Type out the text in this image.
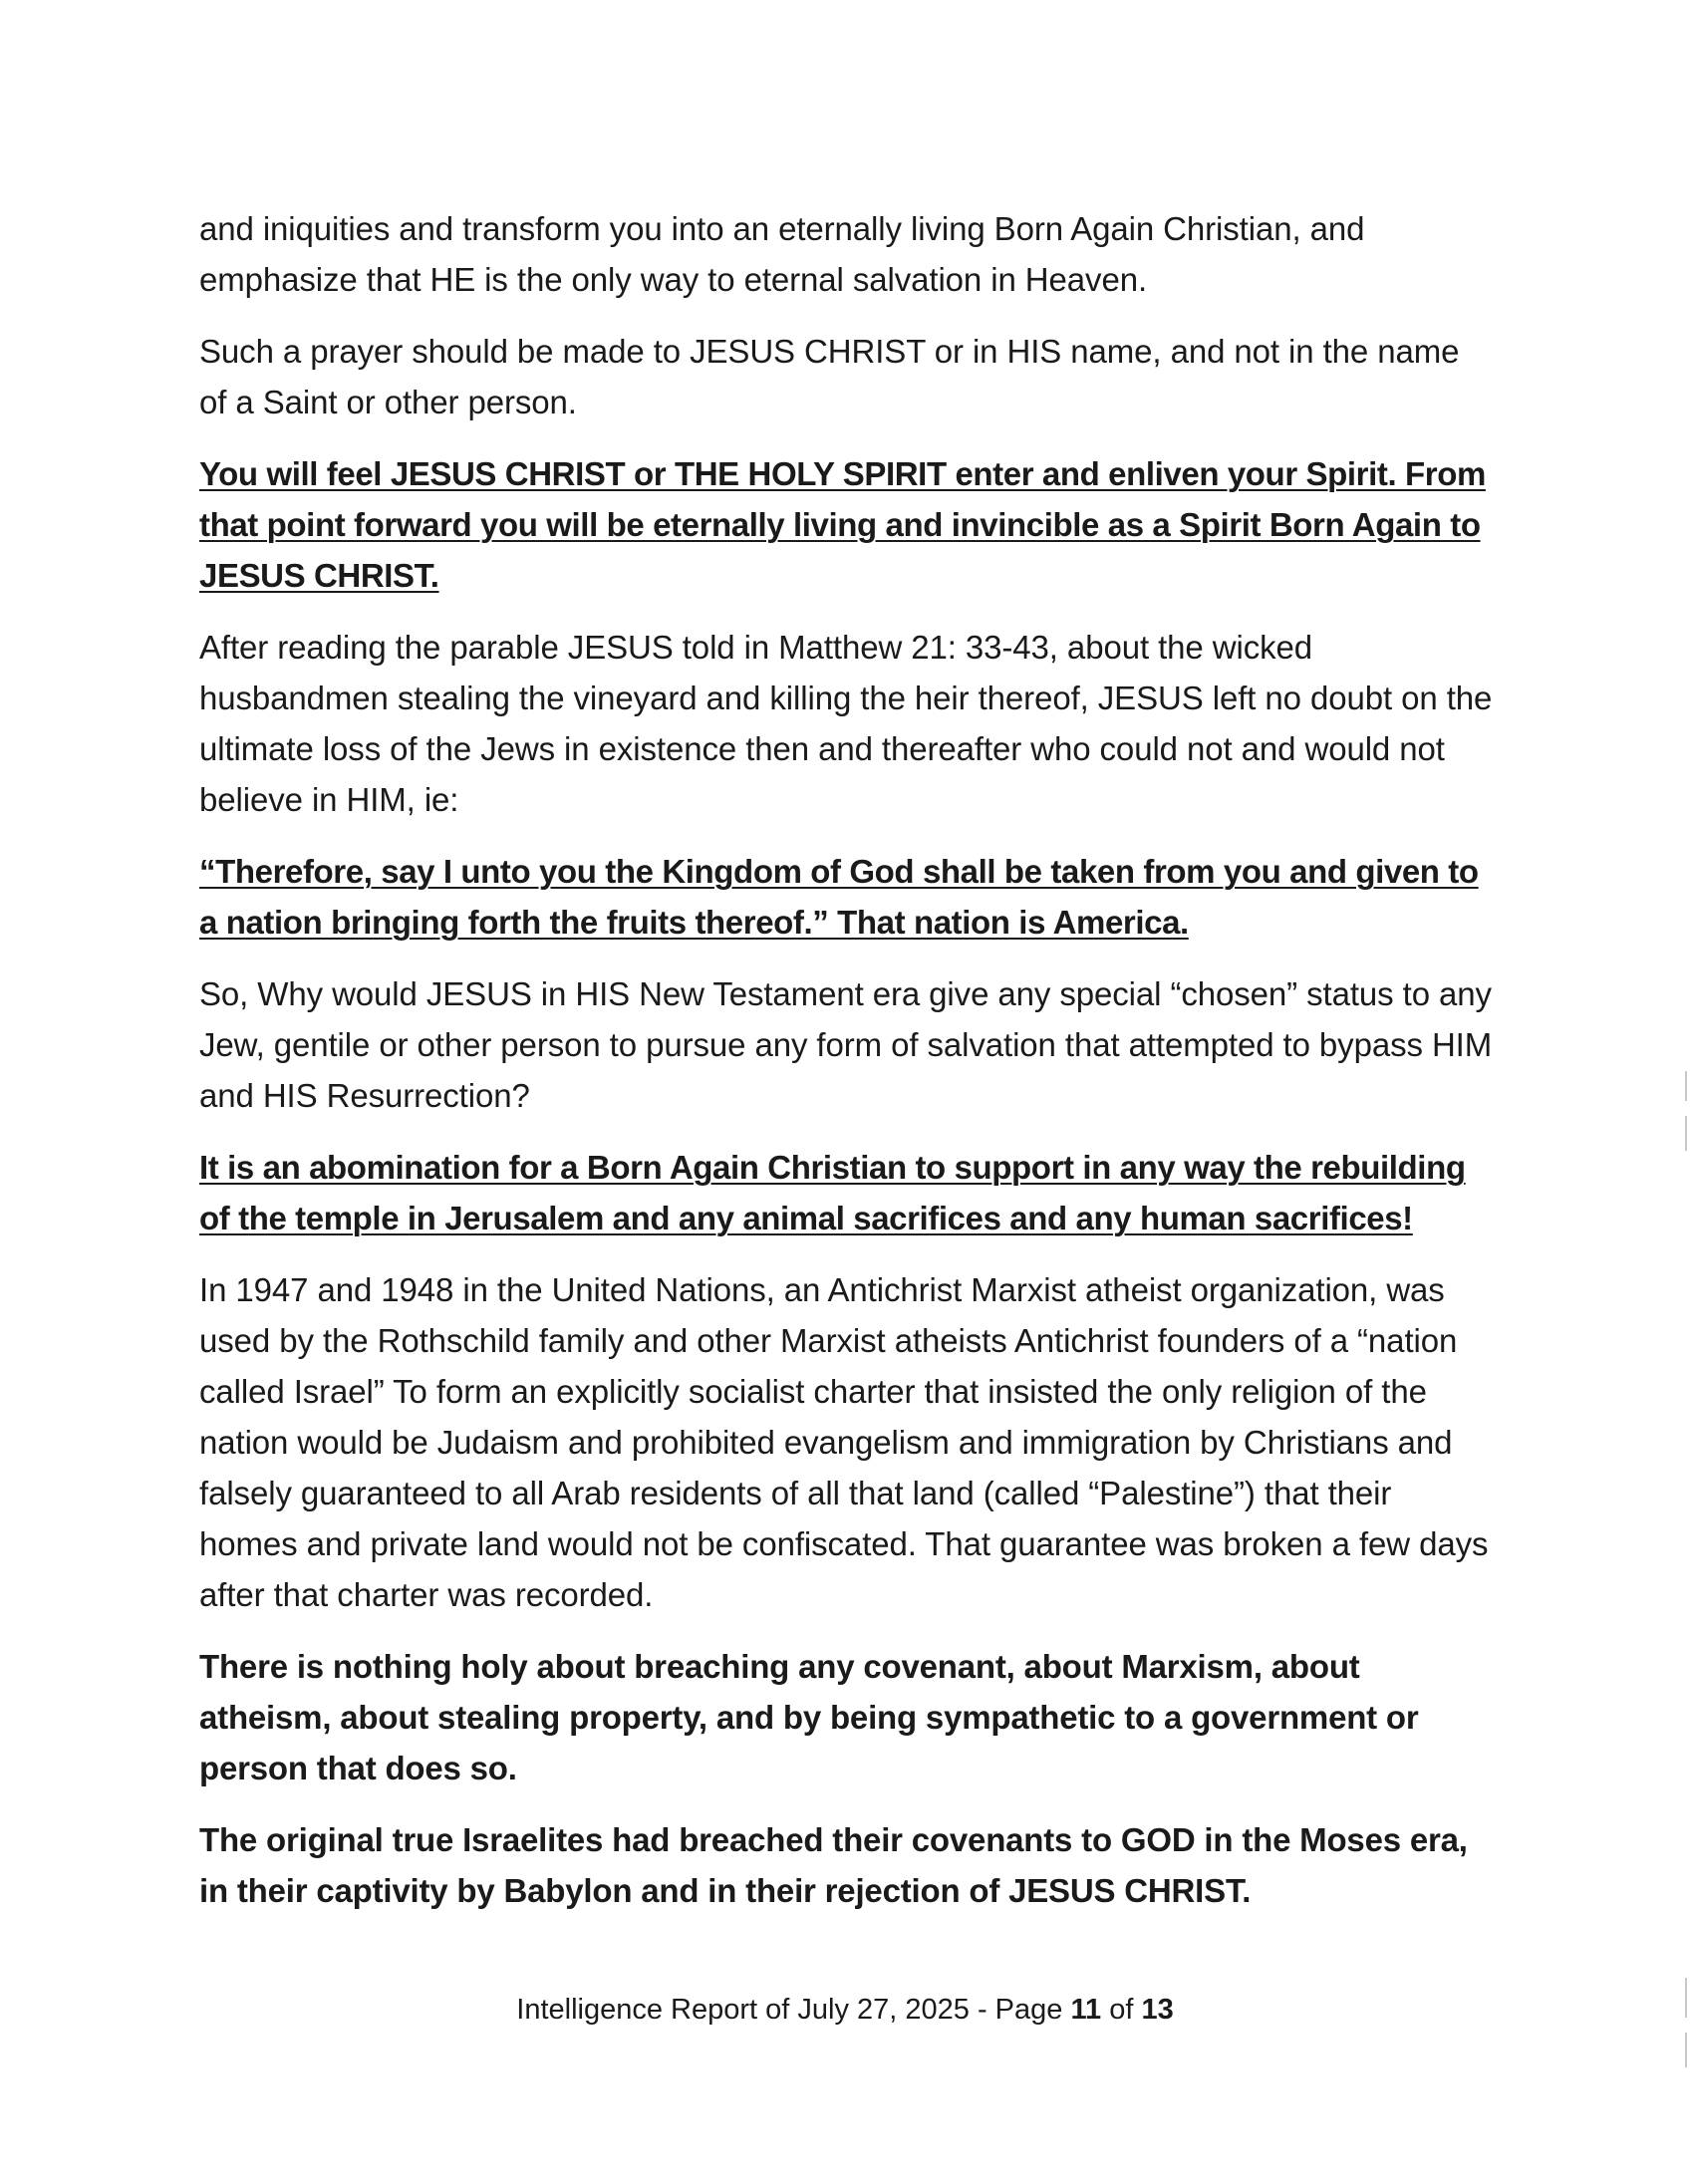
and iniquities and transform you into an eternally living Born Again Christian, and emphasize that HE is the only way to eternal salvation in Heaven.

Such a prayer should be made to JESUS CHRIST or in HIS name, and not in the name of a Saint or other person.

You will feel JESUS CHRIST or THE HOLY SPIRIT enter and enliven your Spirit. From that point forward you will be eternally living and invincible as a Spirit Born Again to JESUS CHRIST.

After reading the parable JESUS told in Matthew 21: 33-43, about the wicked husbandmen stealing the vineyard and killing the heir thereof, JESUS left no doubt on the ultimate loss of the Jews in existence then and thereafter who could not and would not believe in HIM, ie:

“Therefore, say I unto you the Kingdom of God shall be taken from you and given to a nation bringing forth the fruits thereof.” That nation is America.

So, Why would JESUS in HIS New Testament era give any special “chosen” status to any Jew, gentile or other person to pursue any form of salvation that attempted to bypass HIM and HIS Resurrection?

It is an abomination for a Born Again Christian to support in any way the rebuilding of the temple in Jerusalem and any animal sacrifices and any human sacrifices!

In 1947 and 1948 in the United Nations, an Antichrist Marxist atheist organization, was used by the Rothschild family and other Marxist atheists Antichrist founders of a “nation called Israel” To form an explicitly socialist charter that insisted the only religion of the nation would be Judaism and prohibited evangelism and immigration by Christians and falsely guaranteed to all Arab residents of all that land (called “Palestine”) that their homes and private land would not be confiscated. That guarantee was broken a few days after that charter was recorded.

There is nothing holy about breaching any covenant, about Marxism, about atheism, about stealing property, and by being sympathetic to a government or person that does so.

The original true Israelites had breached their covenants to GOD in the Moses era, in their captivity by Babylon and in their rejection of JESUS CHRIST.

Intelligence Report of July 27, 2025 - Page 11 of 13
